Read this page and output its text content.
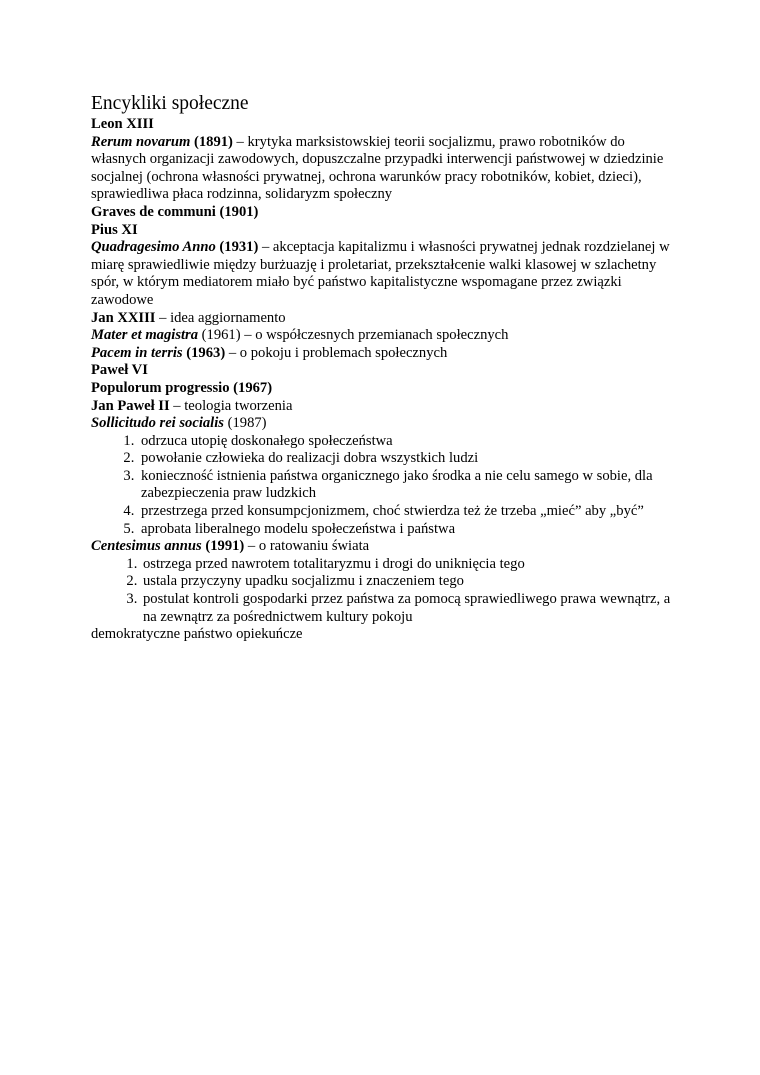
Encykliki społeczne

Leon XIII

Rerum novarum (1891) – krytyka marksistowskiej teorii socjalizmu, prawo robotników do własnych organizacji zawodowych, dopuszczalne przypadki interwencji państwowej w dziedzinie socjalnej (ochrona własności prywatnej, ochrona warunków pracy robotników, kobiet, dzieci), sprawiedliwa płaca rodzinna, solidaryzm społeczny

Graves de communi (1901)

Pius XI

Quadragesimo Anno (1931) – akceptacja kapitalizmu i własności prywatnej jednak rozdzielanej w miarę sprawiedliwie między burżuazję i proletariat, przekształcenie walki klasowej w szlachetny spór, w którym mediatorem miało być państwo kapitalistyczne wspomagane przez związki zawodowe

Jan XXIII – idea aggiornamento

Mater et magistra (1961) – o współczesnych przemianach społecznych

Pacem in terris (1963) – o pokoju i problemach społecznych

Paweł VI

Populorum progressio (1967)

Jan Paweł II – teologia tworzenia

Sollicitudo rei socialis (1987)

1. odrzuca utopię doskonałego społeczeństwa
2. powołanie człowieka do realizacji dobra wszystkich ludzi
3. konieczność istnienia państwa organicznego jako środka a nie celu samego w sobie, dla zabezpieczenia praw ludzkich
4. przestrzega przed konsumpcjonizmem, choć stwierdza też że trzeba „mieć” aby „być”
5. aprobata liberalnego modelu społeczeństwa i państwa

Centesimus annus (1991) – o ratowaniu świata

1. ostrzega przed nawrotem totalitaryzmu i drogi do uniknięcia tego
2. ustala przyczyny upadku socjalizmu i znaczeniem tego
3. postulat kontroli gospodarki przez państwa za pomocą sprawiedliwego prawa wewnątrz, a na zewnątrz za pośrednictwem kultury pokoju

demokratyczne państwo opiekuńcze
